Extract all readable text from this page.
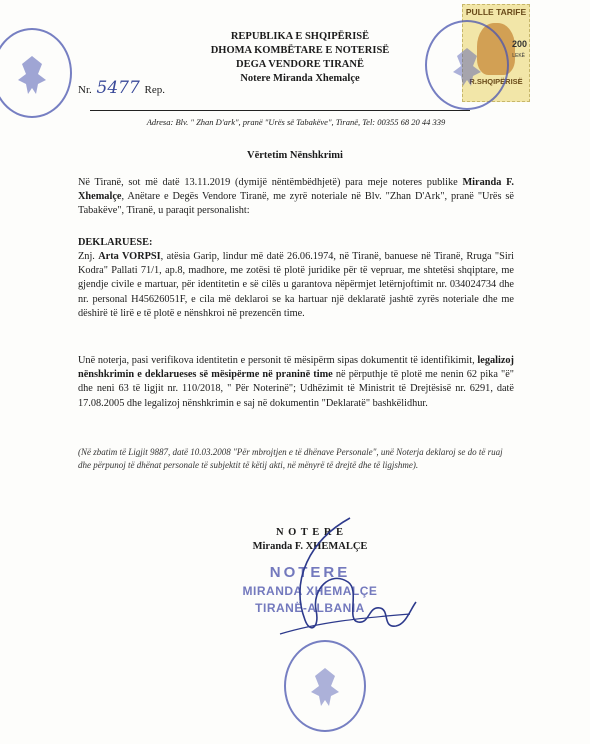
REPUBLIKA E SHQIPËRISË
DHOMA KOMBËTARE E NOTERISË
DEGA VENDORE TIRANË
Notere Miranda Xhemalçe
PULLE TARIFE
200
LEKË
R.SHQIPËRISË
Nr. 5477 Rep.
Adresa: Blv. " Zhan D'ark", pranë "Urës së Tabakëve", Tiranë, Tel: 00355 68 20 44 339
Vërtetim Nënshkrimi
Në Tiranë, sot më datë 13.11.2019 (dymijë nëntëmbëdhjetë) para meje noteres publike Miranda F. Xhemalçe, Anëtare e Degës Vendore Tiranë, me zyrë noteriale në Blv. "Zhan D'Ark", pranë "Urës së Tabakëve", Tiranë, u paraqit personalisht:
DEKLARUESE:
Znj. Arta VORPSI, atësia Garip, lindur më datë 26.06.1974, në Tiranë, banuese në Tiranë, Rruga "Siri Kodra" Pallati 71/1, ap.8, madhore, me zotësi të plotë juridike për të vepruar, me shtetësi shqiptare, me gjendje civile e martuar, për identitetin e së cilës u garantova nëpërmjet letërnjoftimit nr. 034024734 dhe nr. personal H45626051F, e cila më deklaroi se ka hartuar një deklaratë jashtë zyrës noteriale dhe me dëshirë të lirë e të plotë e nënshkroi në prezencën time.
Unë noterja, pasi verifikova identitetin e personit të mësipërm sipas dokumentit të identifikimit, legalizoj nënshkrimin e deklarueses së mësipërme në praninë time në përputhje të plotë me nenin 62 pika "ë" dhe neni 63 të ligjit nr. 110/2018, " Për Noterinë"; Udhëzimit të Ministrit të Drejtësisë nr. 6291, datë 17.08.2005 dhe legalizoj nënshkrimin e saj në dokumentin "Deklaratë" bashkëlidhur.
(Në zbatim të Ligjit 9887, datë 10.03.2008 "Për mbrojtjen e të dhënave Personale", unë Noterja deklaroj se do të ruaj dhe përpunoj të dhënat personale të subjektit të këtij akti, në mënyrë të drejtë dhe të ligjshme).
N O T E R E
Miranda F. XHEMALÇE
NOTERE
MIRANDA XHEMALÇE
TIRANË-ALBANIA
